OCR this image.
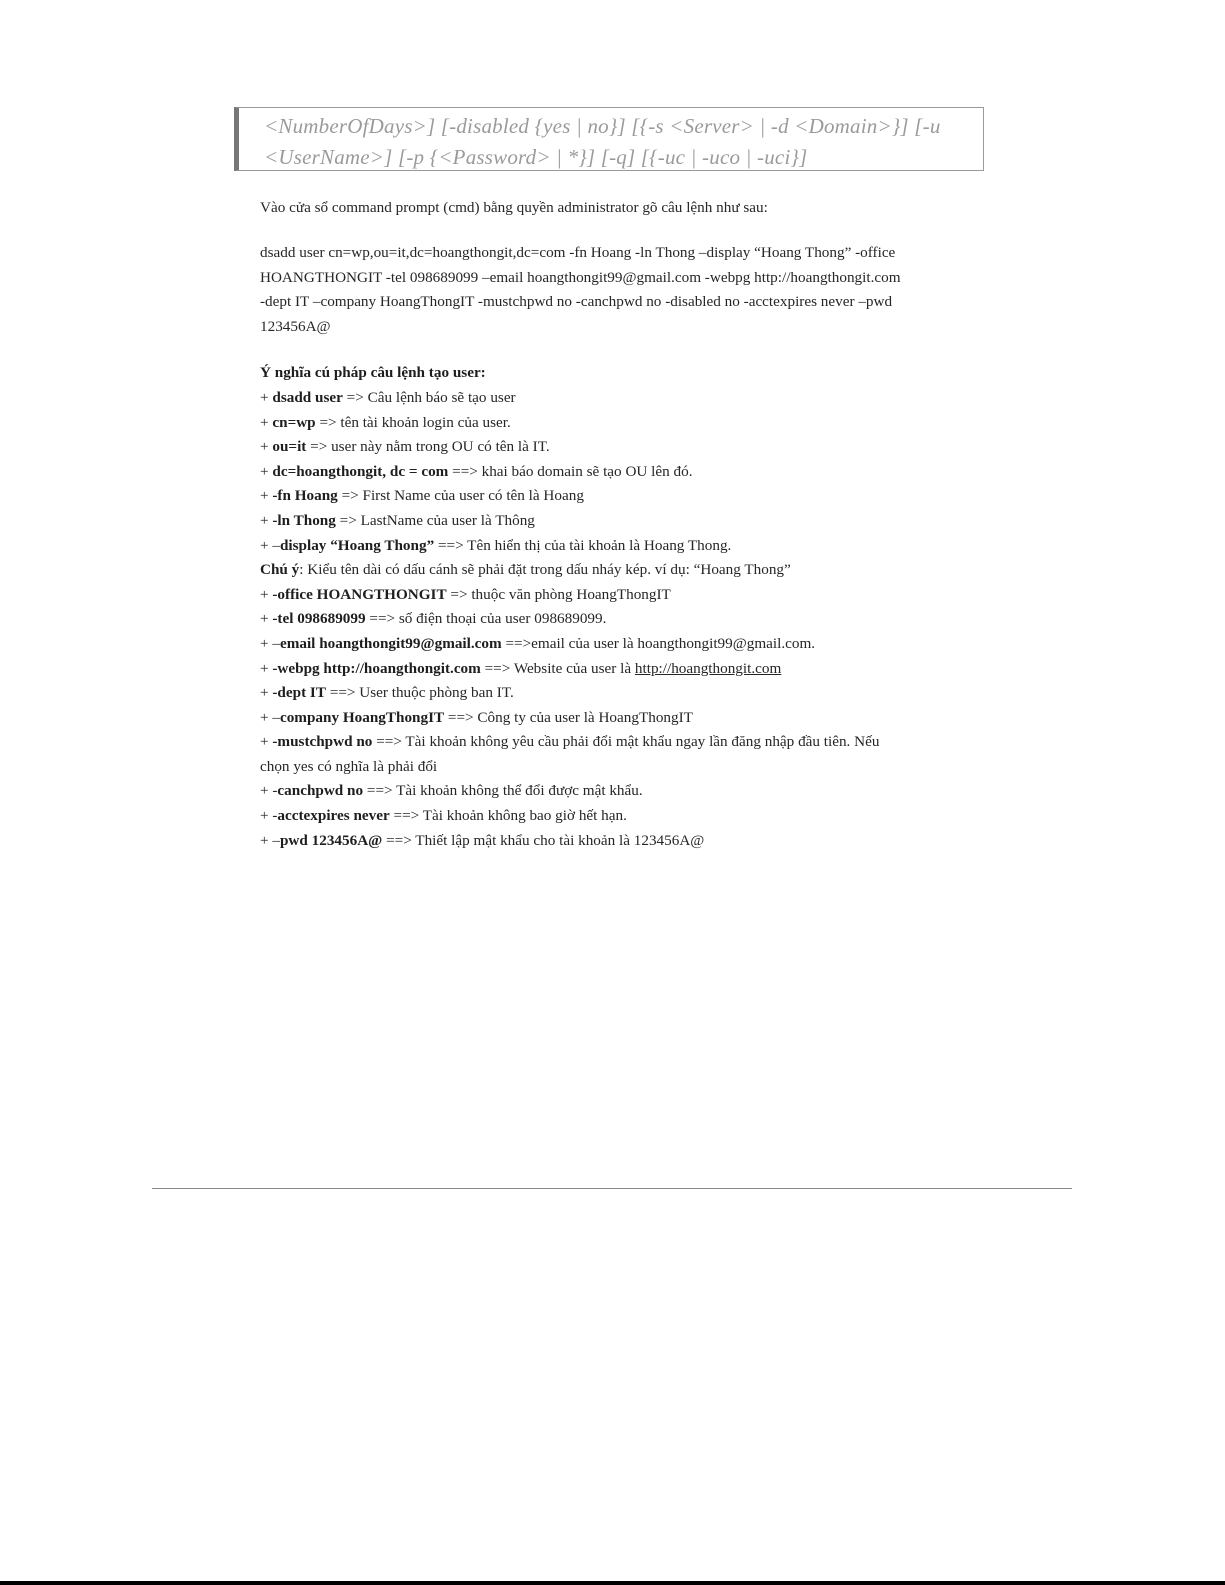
<NumberOfDays>] [-disabled {yes | no}] [{-s <Server> | -d <Domain>}] [-u
<UserName>] [-p {<Password> | *}] [-q] [{-uc | -uco | -uci}]
Vào cửa sổ command prompt (cmd) bằng quyền administrator gõ câu lệnh như sau:
dsadd user cn=wp,ou=it,dc=hoangthongit,dc=com -fn Hoang -ln Thong –display “Hoang Thong” -office
HOANGTHONGIT -tel 098689099 –email hoangthongit99@gmail.com -webpg http://hoangthongit.com
-dept IT –company HoangThongIT -mustchpwd no -canchpwd no -disabled no -acctexpires never –pwd
123456A@
Ý nghĩa cú pháp câu lệnh tạo user:
+ dsadd user => Câu lệnh báo sẽ tạo user
+ cn=wp => tên tài khoản login của user.
+ ou=it => user này nằm trong OU có tên là IT.
+ dc=hoangthongit, dc = com ==> khai báo domain sẽ tạo OU lên đó.
+ -fn Hoang => First Name của user có tên là Hoang
+ -ln Thong => LastName của user là Thông
+ –display “Hoang Thong” ==> Tên hiển thị của tài khoản là Hoang Thong.
Chú ý: Kiểu tên dài có dấu cánh sẽ phải đặt trong dấu nháy kép. ví dụ: “Hoang Thong”
+ -office HOANGTHONGIT => thuộc văn phòng HoangThongIT
+ -tel 098689099 ==> số điện thoại của user 098689099.
+ –email hoangthongit99@gmail.com ==>email của user là hoangthongit99@gmail.com.
+ -webpg http://hoangthongit.com ==> Website của user là http://hoangthongit.com
+ -dept IT ==> User thuộc phòng ban IT.
+ –company HoangThongIT ==> Công ty của user là HoangThongIT
+ -mustchpwd no ==> Tài khoản không yêu cầu phải đổi mật khẩu ngay lần đăng nhập đầu tiên. Nếu
chọn yes có nghĩa là phải đổi
+ -canchpwd no ==> Tài khoản không thể đổi được mật khẩu.
+ -acctexpires never ==> Tài khoản không bao giờ hết hạn.
+ –pwd 123456A@ ==> Thiết lập mật khẩu cho tài khoản là 123456A@
